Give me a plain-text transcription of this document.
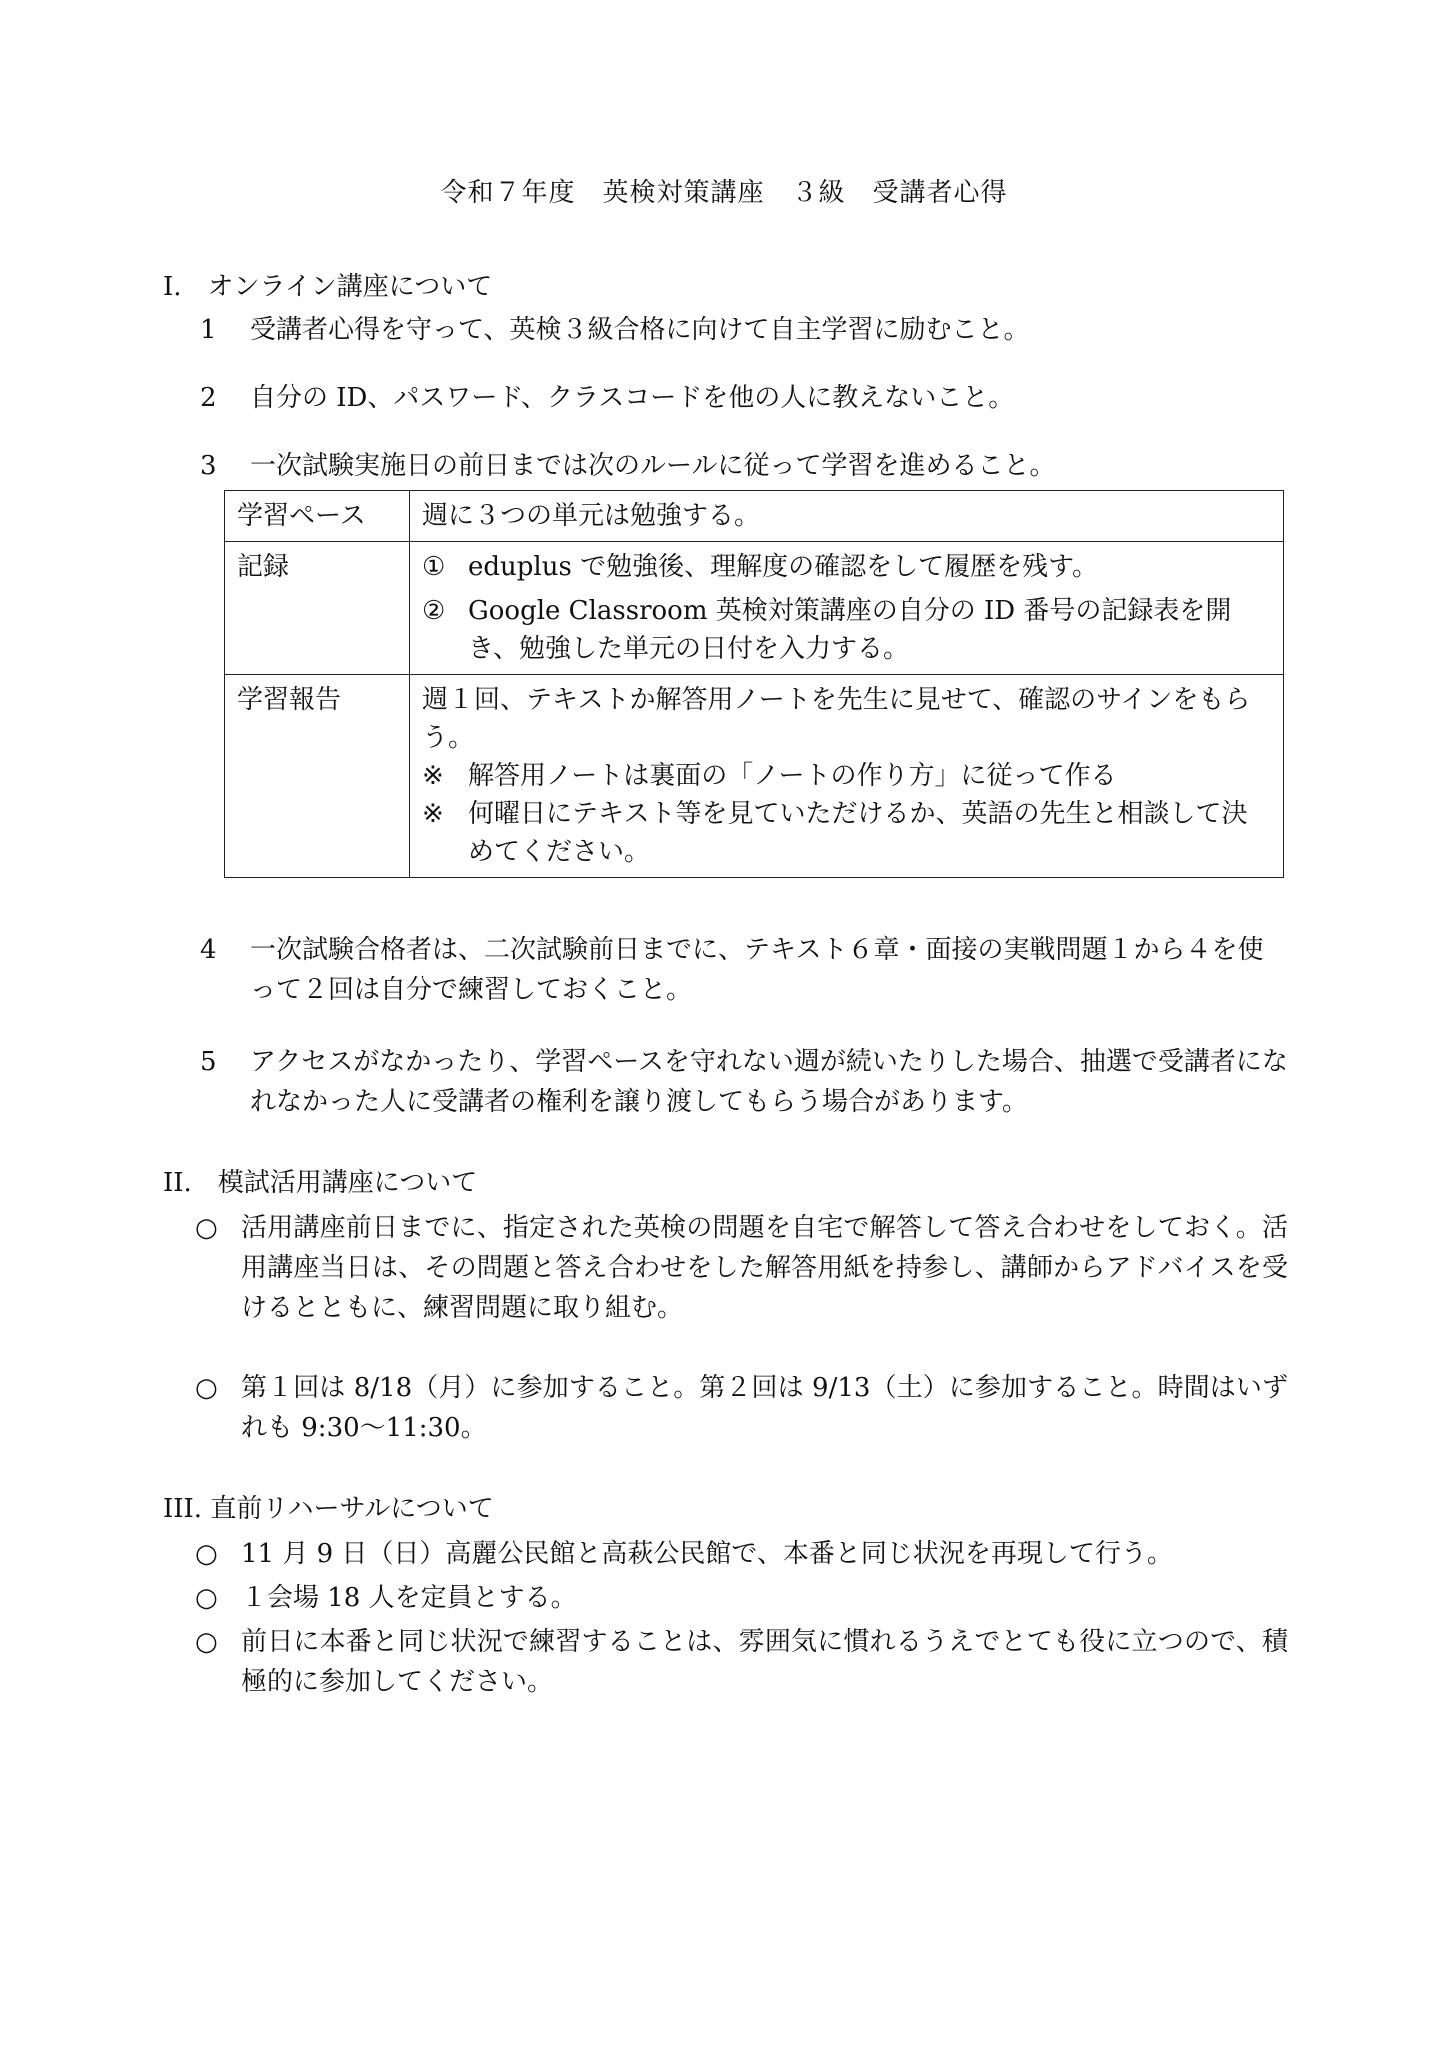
令和７年度　英検対策講座　３級　受講者心得
I.　オンライン講座について
1	受講者心得を守って、英検３級合格に向けて自主学習に励むこと。
2	自分の ID、パスワード、クラスコードを他の人に教えないこと。
3	一次試験実施日の前日までは次のルールに従って学習を進めること。
学習ペース	週に３つの単元は勉強する。
記録	① eduplus で勉強後、理解度の確認をして履歴を残す。
② Google Classroom 英検対策講座の自分の ID 番号の記録表を開き、勉強した単元の日付を入力する。

学習報告	週１回、テキストか解答用ノートを先生に見せて、確認のサインをもらう。
※ 解答用ノートは裏面の「ノートの作り方」に従って作る
※ 何曜日にテキスト等を見ていただけるか、英語の先生と相談して決めてください。
4	一次試験合格者は、二次試験前日までに、テキスト６章・面接の実戦問題１から４を使って２回は自分で練習しておくこと。
5	アクセスがなかったり、学習ペースを守れない週が続いたりした場合、抽選で受講者になれなかった人に受講者の権利を譲り渡してもらう場合があります。
II.　模試活用講座について
○ 活用講座前日までに、指定された英検の問題を自宅で解答して答え合わせをしておく。活用講座当日は、その問題と答え合わせをした解答用紙を持参し、講師からアドバイスを受けるとともに、練習問題に取り組む。
○ 第１回は 8/18（月）に参加すること。第２回は 9/13（土）に参加すること。時間はいずれも 9:30～11:30。
III. 直前リハーサルについて
○ 11 月 9 日（日）高麗公民館と高萩公民館で、本番と同じ状況を再現して行う。
○ １会場 18 人を定員とする。
○ 前日に本番と同じ状況で練習することは、雰囲気に慣れるうえでとても役に立つので、積極的に参加してください。
